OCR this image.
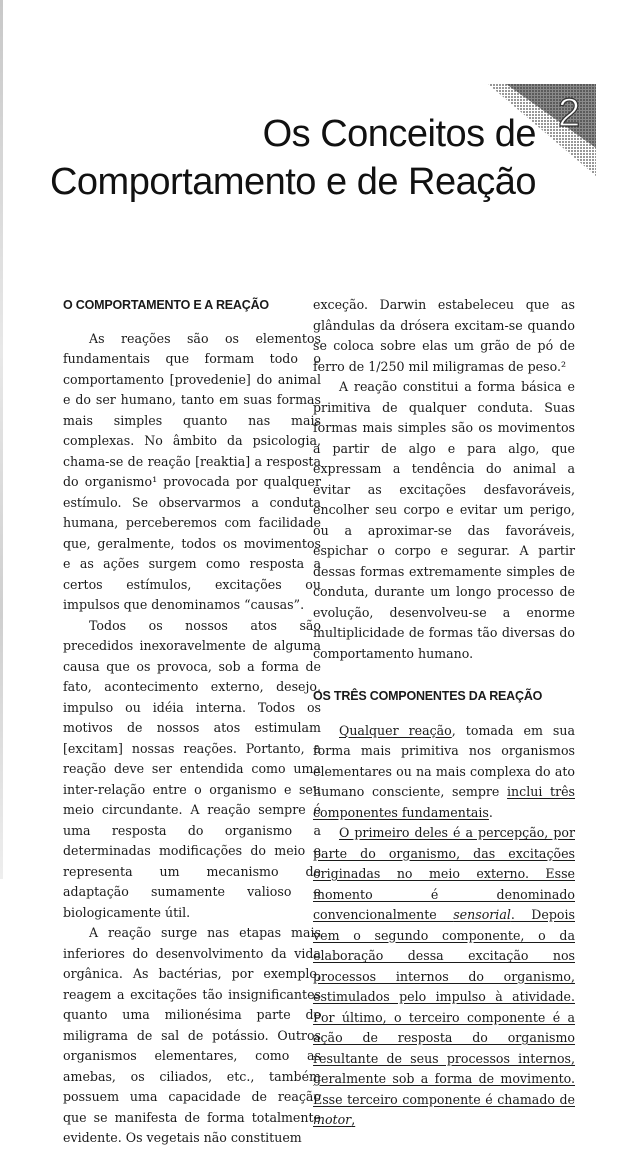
2
Os Conceitos de
Comportamento e de Reação
O COMPORTAMENTO E A REAÇÃO

As reações são os elementos fundamentais que formam todo o comportamento [provedenie] do animal e do ser humano, tanto em suas formas mais simples quanto nas mais complexas. No âmbito da psicologia, chama-se de reação [reaktia] a resposta do organismo¹ provocada por qualquer estímulo. Se observarmos a conduta humana, perceberemos com facilidade que, geralmente, todos os movimentos e as ações surgem como resposta a certos estímulos, excitações ou impulsos que denominamos “causas”.

Todos os nossos atos são precedidos inexoravelmente de alguma causa que os provoca, sob a forma de fato, acontecimento externo, desejo, impulso ou idéia interna. Todos os motivos de nossos atos estimulam [excitam] nossas reações. Portanto, a reação deve ser entendida como uma inter-relação entre o organismo e seu meio circundante. A reação sempre é uma resposta do organismo a determinadas modificações do meio e representa um mecanismo de adaptação sumamente valioso e biologicamente útil.

A reação surge nas etapas mais inferiores do desenvolvimento da vida orgânica. As bactérias, por exemplo, reagem a excitações tão insignificantes quanto uma milionésima parte de miligrama de sal de potássio. Outros organismos elementares, como as amebas, os ciliados, etc., também possuem uma capacidade de reação que se manifesta de forma totalmente evidente. Os vegetais não constituem

exceção. Darwin estabeleceu que as glândulas da drósera excitam-se quando se coloca sobre elas um grão de pó de ferro de 1/250 mil miligramas de peso.²

A reação constitui a forma básica e primitiva de qualquer conduta. Suas formas mais simples são os movimentos a partir de algo e para algo, que expressam a tendência do animal a evitar as excitações desfavoráveis, encolher seu corpo e evitar um perigo, ou a aproximar-se das favoráveis, espichar o corpo e segurar. A partir dessas formas extremamente simples de conduta, durante um longo processo de evolução, desenvolveu-se a enorme multiplicidade de formas tão diversas do comportamento humano.

OS TRÊS COMPONENTES DA REAÇÃO

Qualquer reação, tomada em sua forma mais primitiva nos organismos elementares ou na mais complexa do ato humano consciente, sempre inclui três componentes fundamentais.

O primeiro deles é a percepção, por parte do organismo, das excitações originadas no meio externo. Esse momento é denominado convencionalmente sensorial. Depois vem o segundo componente, o da elaboração dessa excitação nos processos internos do organismo, estimulados pelo impulso à atividade. Por último, o terceiro componente é a ação de resposta do organismo resultante de seus processos internos, geralmente sob a forma de movimento. Esse terceiro componente é chamado de motor,
